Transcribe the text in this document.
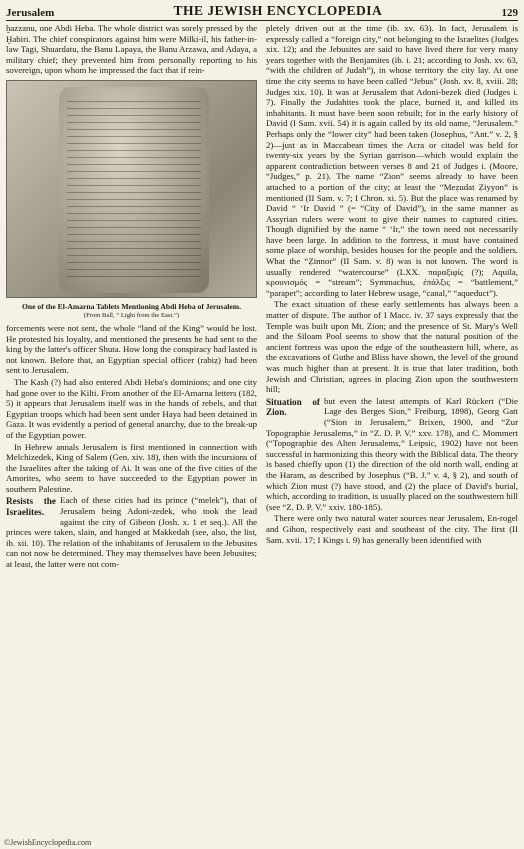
Jerusalem	THE JEWISH ENCYCLOPEDIA	129

ḫazzanu, one Abdi Heba. The whole district was sorely pressed by the Ḫabiri. The chief conspirators against him were Milki-il, his father-in-law Tagi, Shuardatu, the Banu Lapaya, the Banu Arzawa, and Adaya, a military chief; they prevented him from personally reporting to his sovereign, upon whom he impressed the fact that if rein-

One of the El-Amarna Tablets Mentioning Abdi Heba of Jerusalem.
(From Ball, “ Light from the East.”)

forcements were not sent, the whole “land of the King” would be lost. He protested his loyalty, and mentioned the presents he had sent to the king by the latter's officer Shuta. How long the conspiracy had lasted is not known. Before that, an Egyptian special officer (rabiẓ) had been sent to Jerusalem.

The Kash (?) had also entered Abdi Heba's dominions; and one city had gone over to the Kilti. From another of the El-Amarna letters (182, 5) it appears that Jerusalem itself was in the hands of rebels, and that Egyptian troops which had been sent under Haya had been detained in Gaza. It was evidently a period of general anarchy, due to the break-up of the Egyptian power.

In Hebrew annals Jerusalem is first mentioned in connection with Melchizedek, King of Salem (Gen. xiv. 18), then with the incursions of the Israelites after the taking of Ai. It was one of the five cities of the Amorites, who seem to have succeeded to the Egyptian power in southern Palestine.

Resists the Israelites.

Each of these cities had its prince (“melek”), that of Jerusalem being Adoni-zedek, who took the lead against the city of Gibeon (Josh. x. 1 et seq.). All the princes were taken, slain, and hanged at Makkedah (see, also, the list, ib. xii. 10). The relation of the inhabitants of Jerusalem to the Jebusites can not now be determined. They may themselves have been Jebusites; at least, the latter were not com-

pletely driven out at the time (ib. xv. 63). In fact, Jerusalem is expressly called a “foreign city,” not belonging to the Israelites (Judges xix. 12); and the Jebusites are said to have lived there for very many years together with the Benjamites (ib. i. 21; according to Josh. xv. 63, “with the children of Judah”), in whose territory the city lay. At one time the city seems to have been called “Jebus” (Josh. xv. 8, xviii. 28; Judges xix. 10). It was at Jerusalem that Adoni-bezek died (Judges i. 7). Finally the Judahites took the place, burned it, and killed its inhabitants. It must have been soon rebuilt; for in the early history of David (I Sam. xvii. 54) it is again called by its old name, “Jerusalem.” Perhaps only the “lower city” had been taken (Josephus, “Ant.” v. 2, § 2)—just as in Maccabean times the Acra or citadel was held for twenty-six years by the Syrian garrison—which would explain the apparent contradiction between verses 8 and 21 of Judges i. (Moore, “Judges,” p. 21). The name “Zion” seems already to have been attached to a portion of the city; at least the “Meẓudat Ẓiyyon” is mentioned (II Sam. v. 7; I Chron. xi. 5). But the place was renamed by David “ ‘Ir David ” (= “City of David”), in the same manner as Assyrian rulers were wont to give their names to captured cities. Though dignified by the name “ ‘Ir,” the town need not necessarily have been large. In addition to the fortress, it must have contained some place of worship, besides houses for the people and the soldiers. What the “Ẓinnor” (II Sam. v. 8) was is not known. The word is usually rendered “watercourse” (LXX. παραξιφίς (?); Aquila, κρουνισμός = “stream”; Symmachus, ἐπάλξις = “battlement,” “parapet”; according to later Hebrew usage, “canal,” “aqueduct”).

The exact situation of these early settlements has always been a matter of dispute. The author of I Macc. iv. 37 says expressly that the Temple was built upon Mt. Zion; and the presence of St. Mary's Well and the Siloam Pool seems to show that the natural position of the ancient fortress was upon the edge of the southeastern hill, where, as the excavations of Guthe and Bliss have shown, the level of the ground was much higher than at present. It is true that later tradition, both Jewish and Christian, agrees in placing Zion upon the southwestern hill;

Situation of Zion.

but even the latest attempts of Karl Rückert (“Die Lage des Berges Sion,” Freiburg, 1898), Georg Gatt (“Sion in Jerusalem,” Brixen, 1900, and “Zur Topographie Jerusalems,” in “Z. D. P. V.” xxv. 178), and C. Mommert (“Topographie des Alten Jerusalems,” Leipsic, 1902) have not been successful in harmonizing this theory with the Biblical data. The theory is based chiefly upon (1) the direction of the old north wall, ending at the Haram, as described by Josephus (“B. J.” v. 4, § 2), and south of which Zion must (?) have stood, and (2) the place of David's burial, which, according to tradition, is usually placed on the southwestern hill (see “Z. D. P. V.” xxiv. 180-185).

There were only two natural water sources near Jerusalem, En-rogel and Gihon, respectively east and southeast of the city. The first (II Sam. xvii. 17; I Kings i. 9) has generally been identified with

© JewishEncyclopedia.com
